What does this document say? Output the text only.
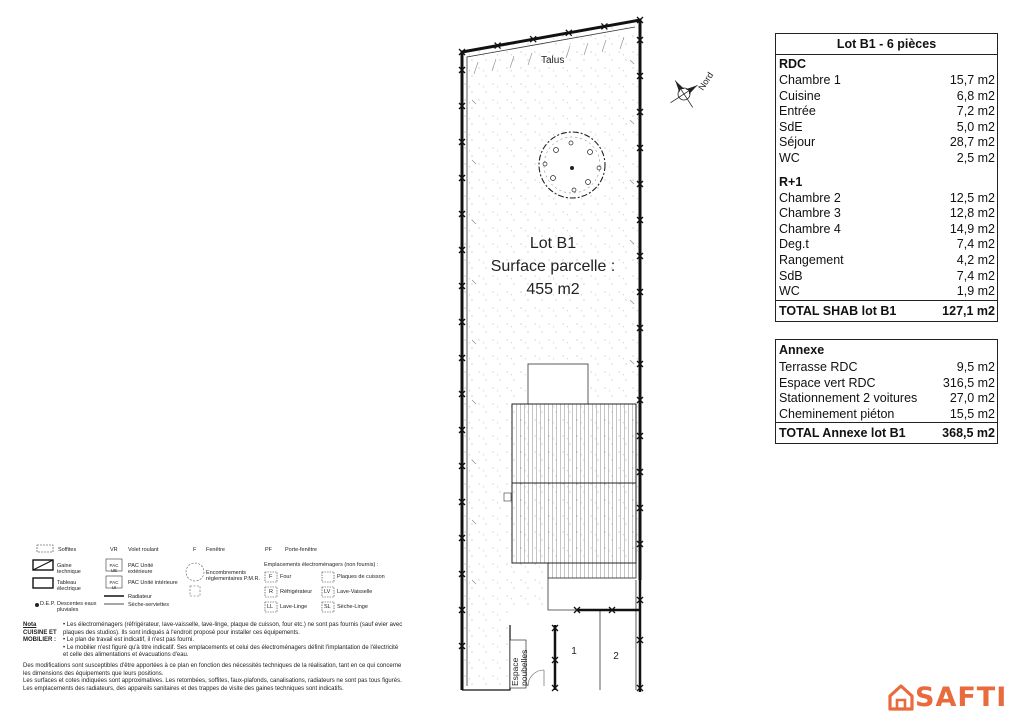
Talus
Lot B1
Surface parcelle :
455 m2
1	2
Espace poubelles
Nord
Lot B1 - 6 pièces
RDC
Chambre 1	15,7 m2
Cuisine	6,8 m2
Entrée	7,2 m2
SdE	5,0 m2
Séjour	28,7 m2
WC	2,5 m2
R+1
Chambre 2	12,5 m2
Chambre 3	12,8 m2
Chambre 4	14,9 m2
Deg.t	7,4 m2
Rangement	4,2 m2
SdB	7,4 m2
WC	1,9 m2
TOTAL SHAB lot B1	127,1 m2
Annexe
Terrasse RDC	9,5 m2
Espace vert RDC	316,5 m2
Stationnement 2 voitures	27,0 m2
Cheminement piéton	15,5 m2
TOTAL Annexe lot B1	368,5 m2
Soffites	VR Volet roulant	F Fenêtre	PF Porte-fenêtre
Gaine technique
Tableau électrique
D.E.P. Descentes eaux pluviales
PAC UE
PAC Unité extérieure
PAC UI
PAC Unité intérieure
Radiateur
Sèche-serviettes
Encombrements réglementaires P.M.R.
Emplacements électroménagers (non fournis) :
F Four
R Réfrigérateur
LL Lave-Linge
Plaques de cuisson
LV Lave-Vaisselle
SL Sèche-Linge
Nota
CUISINE ET
MOBILIER :
• Les électroménagers (réfrigérateur, lave-vaisselle, lave-linge, plaque de cuisson, four etc.) ne sont pas fournis (sauf evier avec plaques des studios). Ils sont indiqués à l'endroit proposé pour installer ces équipements.
• Le plan de travail est indicatif, il n'est pas fourni.
• Le mobilier n'est figuré qu'à titre indicatif. Ses emplacements et celui des électroménagers définit l'implantation de l'électricité et celle des alimentations et évacuations d'eau.
Des modifications sont susceptibles d'être apportées à ce plan en fonction des nécessités techniques de la réalisation, tant en ce qui concerne les dimensions des équipements que leurs positions.
Les surfaces et cotes indiquées sont approximatives. Les retombées, soffites, faux-plafonds, canalisations, radiateurs ne sont pas tous figurés.
Les emplacements des radiateurs, des appareils sanitaires et des trappes de visite des gaines techniques sont indicatifs.	SAFTI
